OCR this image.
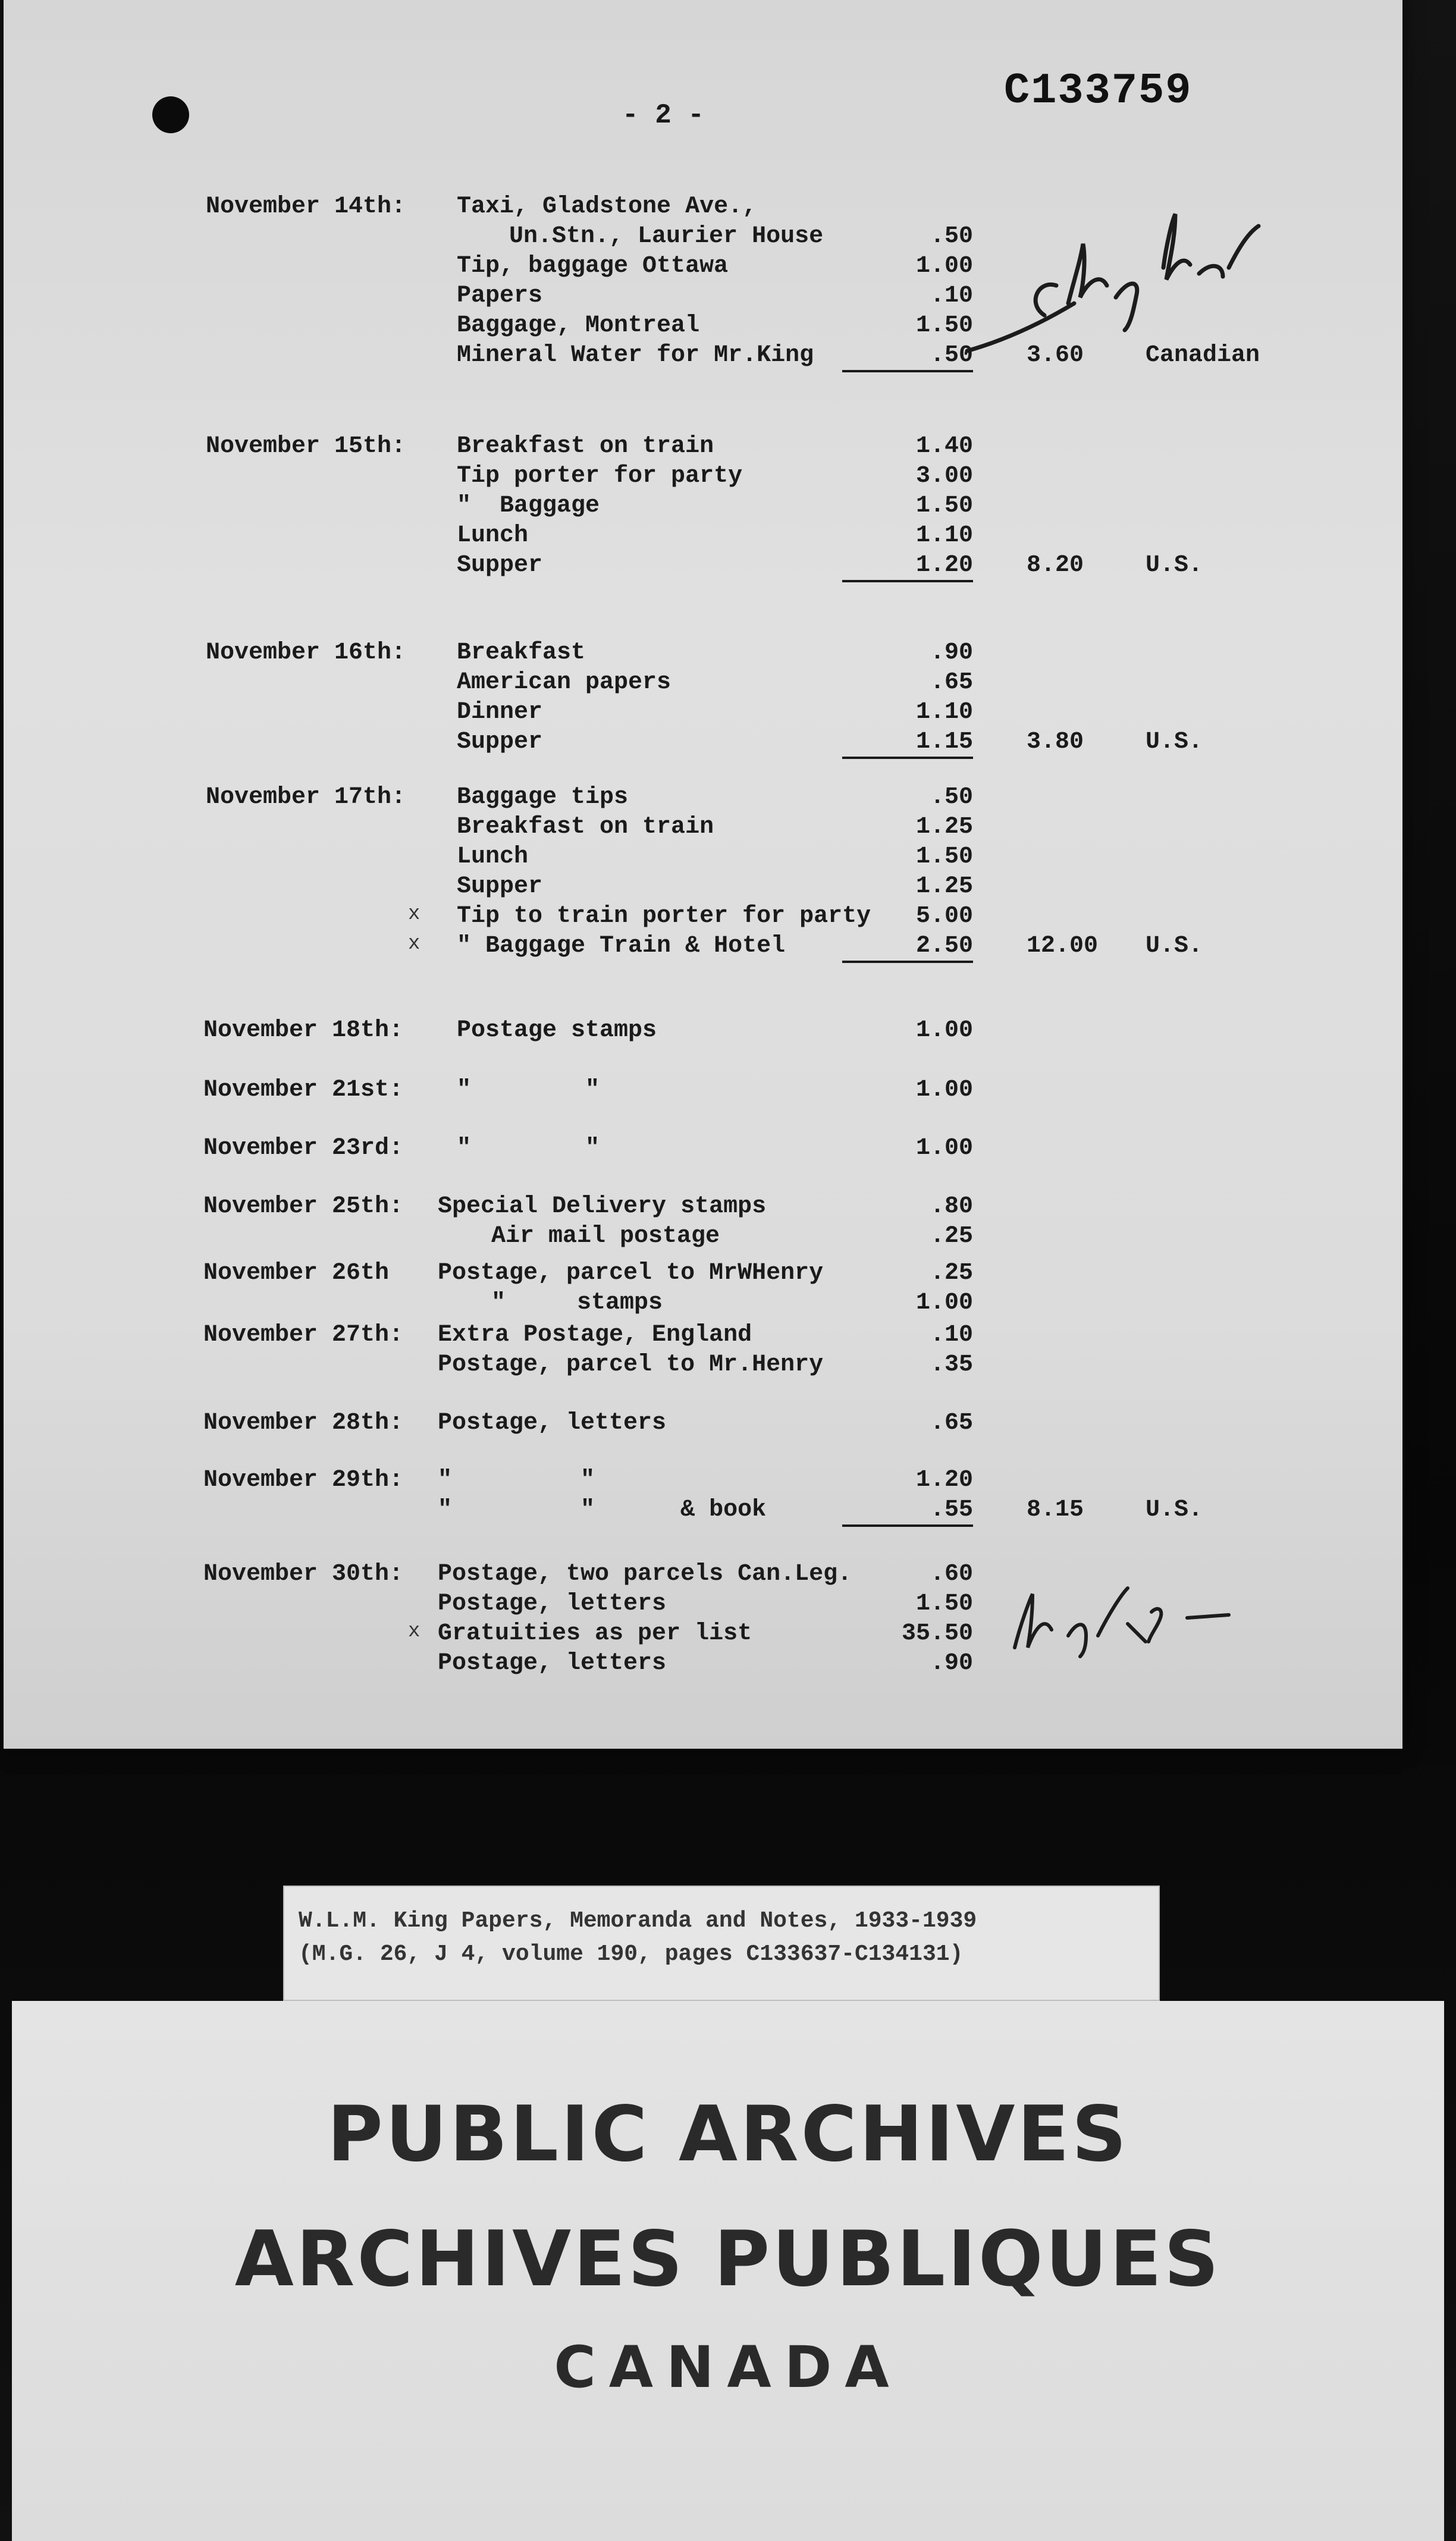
- 2 -	C133759
November 14th: Taxi, Gladstone Ave.,
Un.Stn., Laurier House	.50
Tip, baggage Ottawa	1.00
Papers	.10
Baggage, Montreal	1.50
Mineral Water for Mr.King	.50 3.60	Canadian
November 15th: Breakfast on train	1.40
Tip porter for party	3.00
"  Baggage	1.50
Lunch	1.10
Supper	1.20 8.20	U.S.
November 16th: Breakfast	.90
American papers	.65
Dinner	1.10
Supper	1.15 3.80	U.S.
November 17th: Baggage tips	.50
Breakfast on train	1.25
Lunch	1.50
Supper	1.25
x Tip to train porter for party	5.00
x " Baggage Train & Hotel	2.50 12.00 U.S.
November 18th: Postage stamps	1.00
November 21st: "        "	1.00
November 23rd: "        "	1.00
November 25th: Special Delivery stamps	.80
Air mail postage	.25
November 26th Postage, parcel to MrWHenry	.25
"     stamps	1.00
November 27th: Extra Postage, England	.10
Postage, parcel to Mr.Henry	.35
November 28th: Postage, letters	.65
November 29th: "         "	1.20
"         "      & book	.55 8.15	U.S.
November 30th: Postage, two parcels Can.Leg.	.60
Postage, letters	1.50
x Gratuities as per list	35.50
Postage, letters	.90
W.L.M. King Papers, Memoranda and Notes, 1933-1939
(M.G. 26, J 4, volume 190, pages C133637-C134131)
PUBLIC ARCHIVES
ARCHIVES PUBLIQUES
CANADA
